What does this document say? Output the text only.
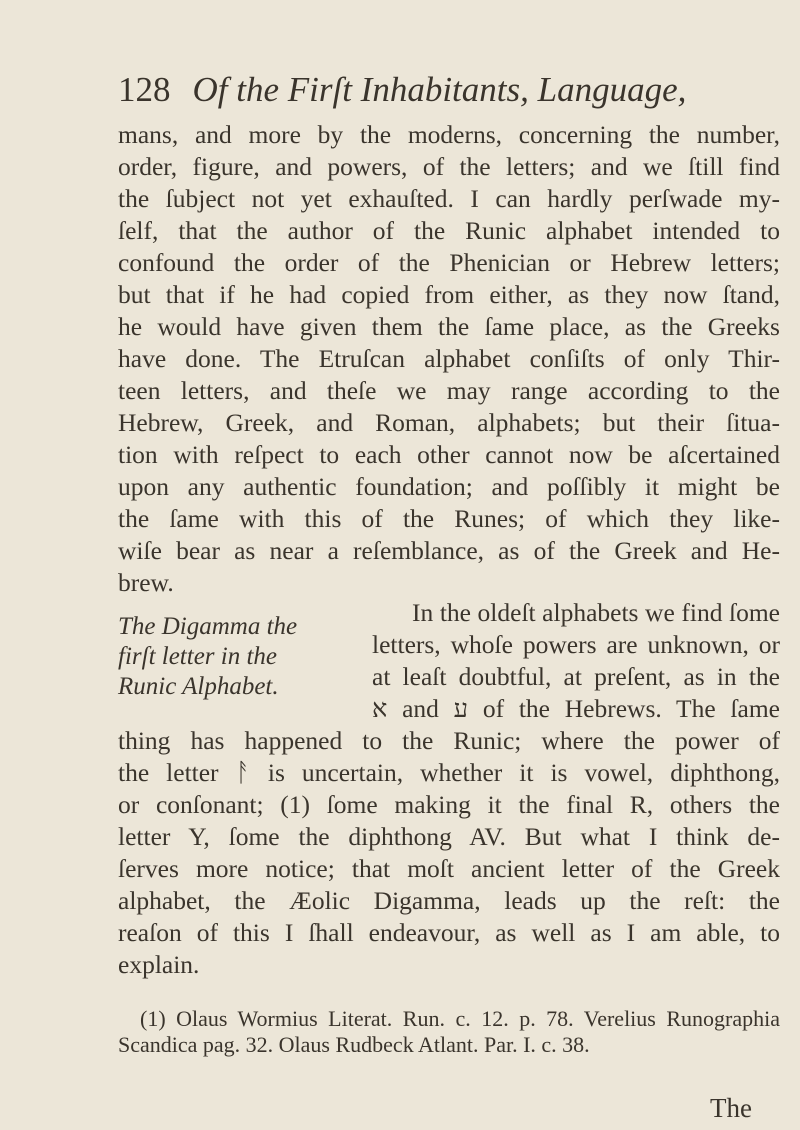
128 Of the Firſt Inhabitants, Language,
mans, and more by the moderns, concerning the number,
order, figure, and powers, of the letters; and we ſtill find
the ſubject not yet exhauſted. I can hardly perſwade my-
ſelf, that the author of the Runic alphabet intended to
confound the order of the Phenician or Hebrew letters;
but that if he had copied from either, as they now ſtand,
he would have given them the ſame place, as the Greeks
have done. The Etruſcan alphabet conſiſts of only Thir-
teen letters, and theſe we may range according to the
Hebrew, Greek, and Roman, alphabets; but their ſitua-
tion with reſpect to each other cannot now be aſcertained
upon any authentic foundation; and poſſibly it might be
the ſame with this of the Runes; of which they like-
wiſe bear as near a reſemblance, as of the Greek and He-
brew.
The Digamma the
firſt letter in the
Runic Alphabet.
In the oldeſt alphabets we find ſome
letters, whoſe powers are unknown, or
at leaſt doubtful, at preſent, as in the
א and ע of the Hebrews. The ſame
thing has happened to the Runic; where the power of
the letter ᚨ is uncertain, whether it is vowel, diphthong,
or conſonant; (1) ſome making it the final R, others the
letter Y, ſome the diphthong AV. But what I think de-
ſerves more notice; that moſt ancient letter of the Greek
alphabet, the Æolic Digamma, leads up the reſt: the
reaſon of this I ſhall endeavour, as well as I am able, to
explain.
(1) Olaus Wormius Literat. Run. c. 12. p. 78. Verelius Runographia
Scandica pag. 32. Olaus Rudbeck Atlant. Par. I. c. 38.
The
